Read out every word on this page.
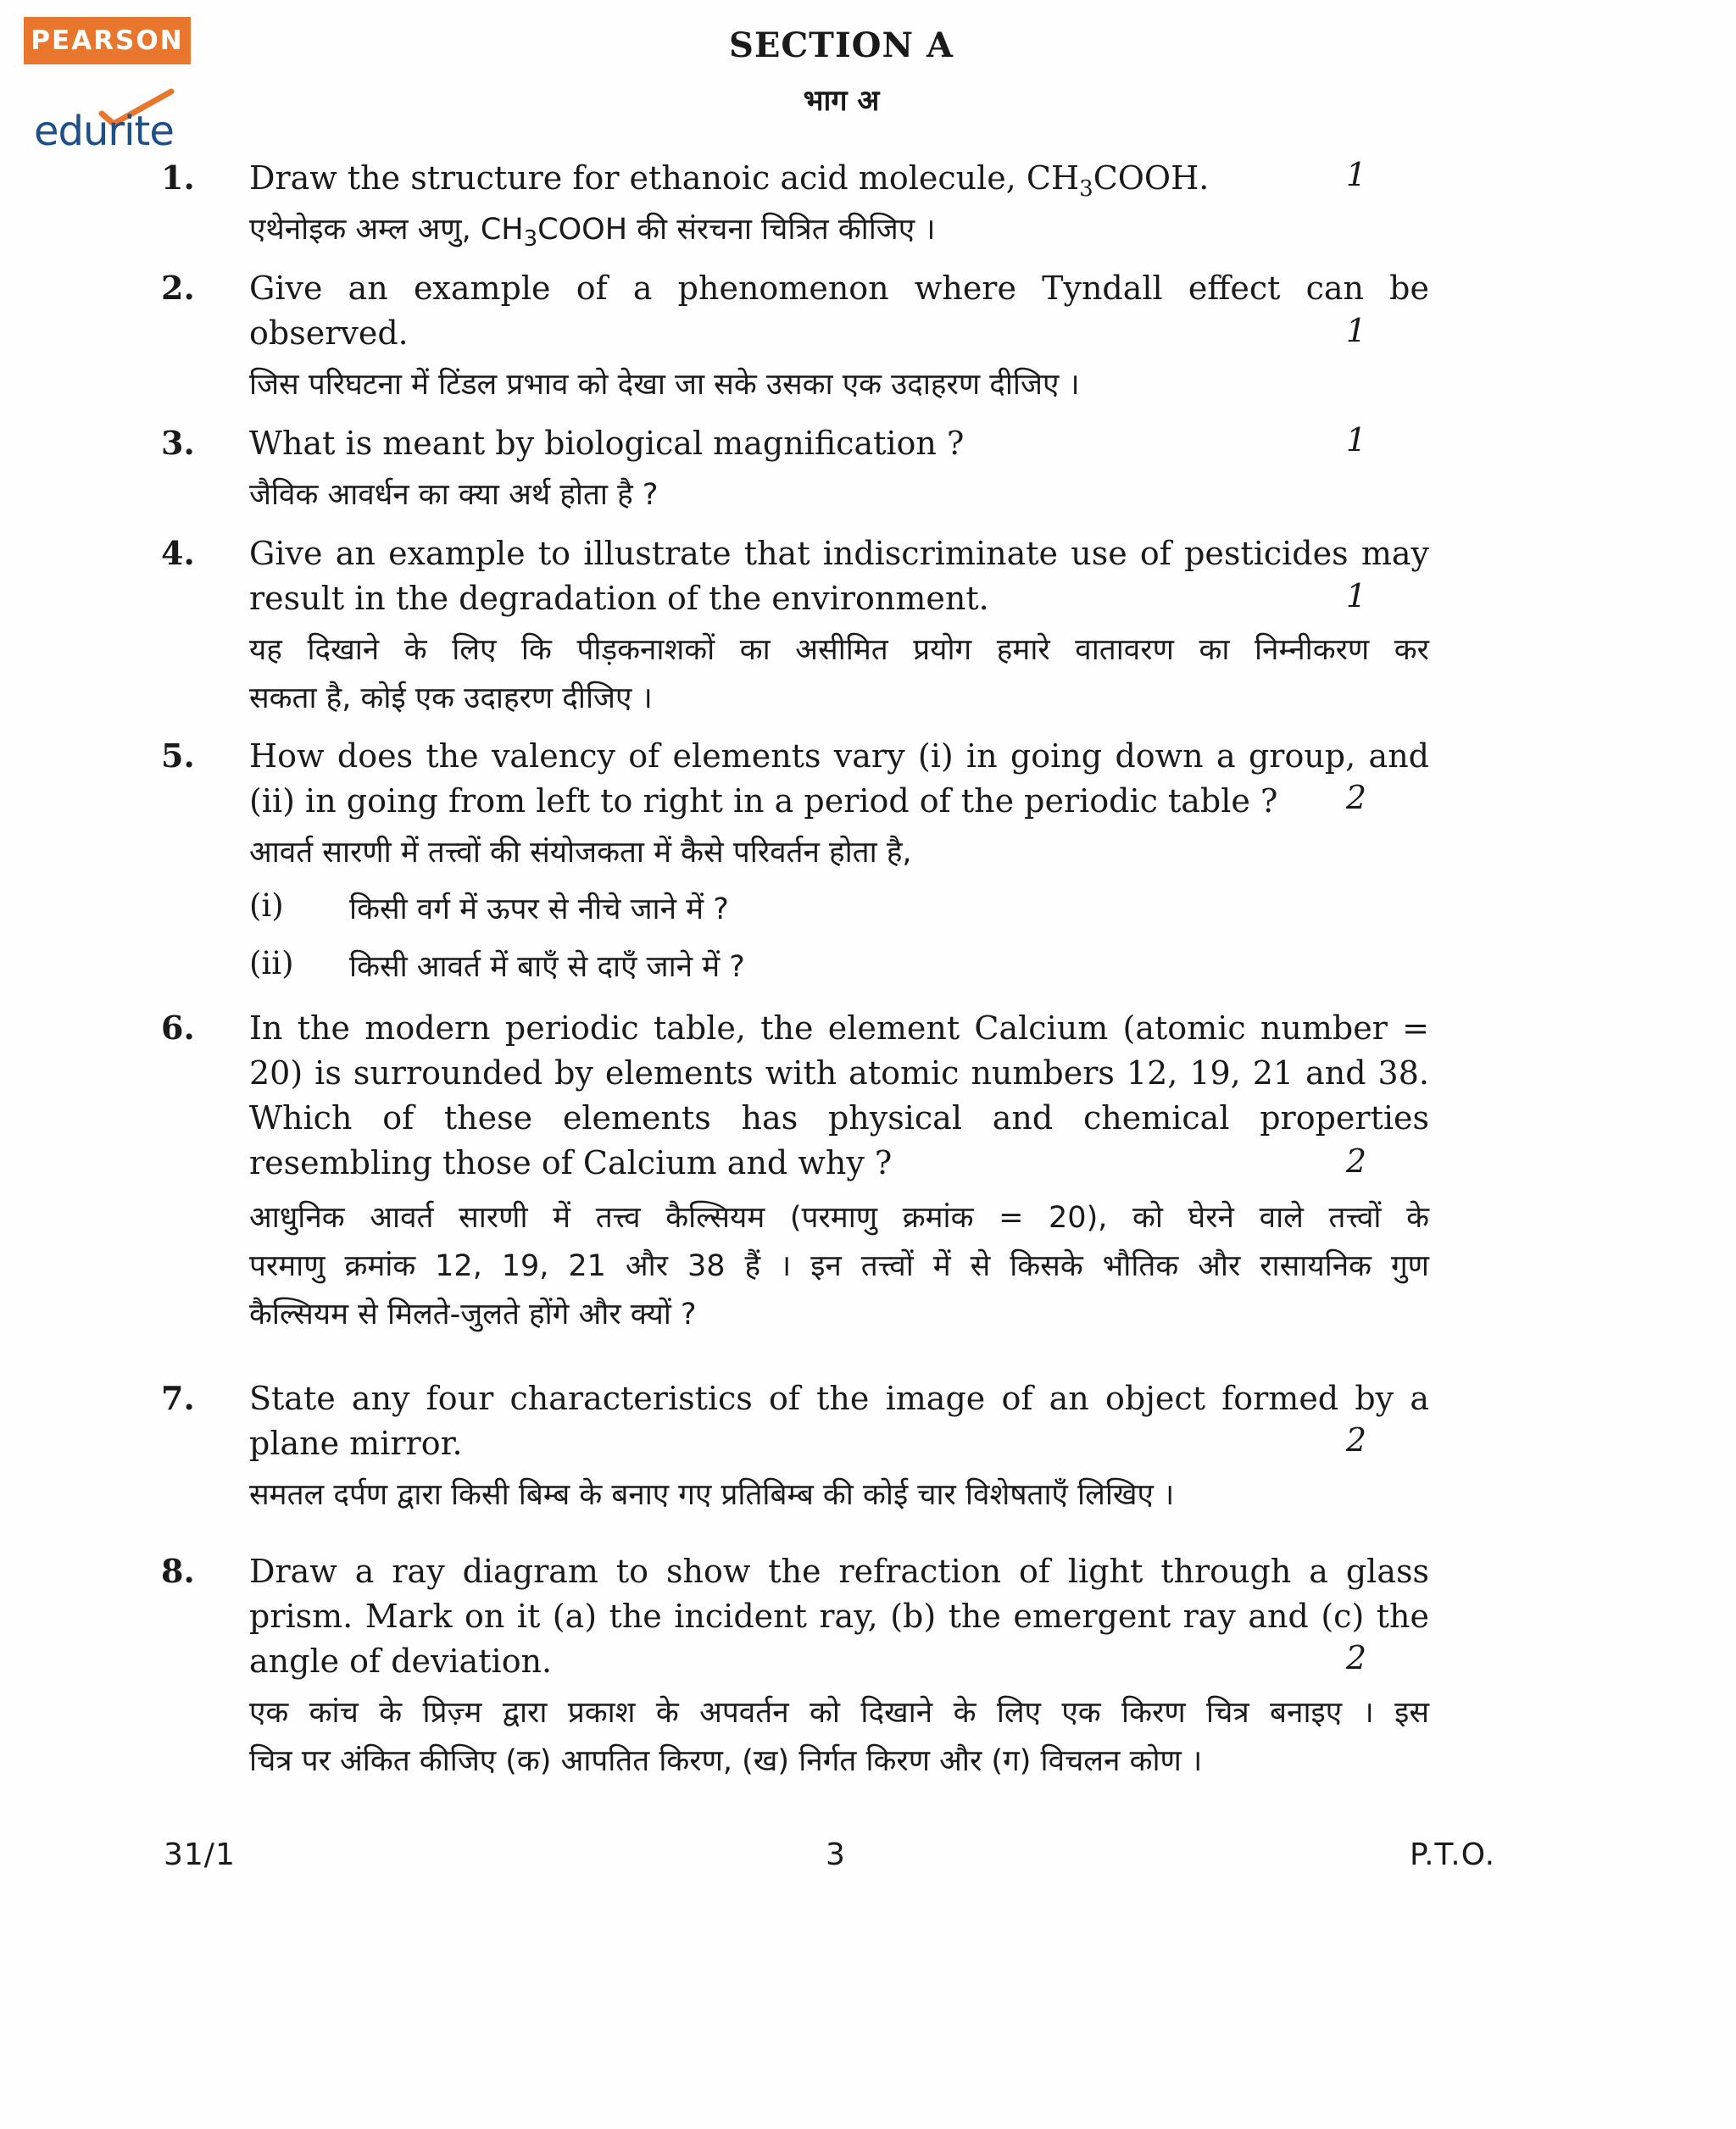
PEARSON
edurite
SECTION A
भाग अ
1.	Draw the structure for ethanoic acid molecule, $CH_3COOH$.

एथेनोइक अम्ल अणु, $CH_3COOH$ की संरचना चित्रित कीजिए ।

1
2.	Give an example of a phenomenon where Tyndall effect can be

observed.

जिस परिघटना में टिंडल प्रभाव को देखा जा सके उसका एक उदाहरण दीजिए ।

1
3.	What is meant by biological magnification ?

जैविक आवर्धन का क्या अर्थ होता है ?

1

Give an example to illustrate that indiscriminate use of pesticides may

result in the degradation of the environment.

यह दिखाने के लिए कि पीड़कनाशकों का असीमित प्रयोग हमारे वातावरण का निम्नीकरण कर

सकता है, कोई एक उदाहरण दीजिए ।

4.
1
5.	How does the valency of elements vary (i) in going down a group, and

(ii) in going from left to right in a period of the periodic table ?

आवर्त सारणी में तत्त्वों की संयोजकता में कैसे परिवर्तन होता है,

(i) किसी वर्ग में ऊपर से नीचे जाने में ?
(ii) किसी आवर्त में बाएँ से दाएँ जाने में ?
2
6.	In the modern periodic table, the element Calcium (atomic number =

20) is surrounded by elements with atomic numbers 12, 19, 21 and 38.

Which of these elements has physical and chemical properties

resembling those of Calcium and why ?

आधुनिक आवर्त सारणी में तत्त्व कैल्सियम (परमाणु क्रमांक = 20), को घेरने वाले तत्त्वों के

परमाणु क्रमांक 12, 19, 21 और 38 हैं । इन तत्त्वों में से किसके भौतिक और रासायनिक गुण

कैल्सियम से मिलते-जुलते होंगे और क्यों ?

2
7.	State any four characteristics of the image of an object formed by a

plane mirror.

समतल दर्पण द्वारा किसी बिम्ब के बनाए गए प्रतिबिम्ब की कोई चार विशेषताएँ लिखिए ।

2
8.	Draw a ray diagram to show the refraction of light through a glass

prism. Mark on it (a) the incident ray, (b) the emergent ray and (c) the

angle of deviation.

एक कांच के प्रिज़्म द्वारा प्रकाश के अपवर्तन को दिखाने के लिए एक किरण चित्र बनाइए । इस

चित्र पर अंकित कीजिए (क) आपतित किरण, (ख) निर्गत किरण और (ग) विचलन कोण ।

2
31/1	3	P.T.O.
